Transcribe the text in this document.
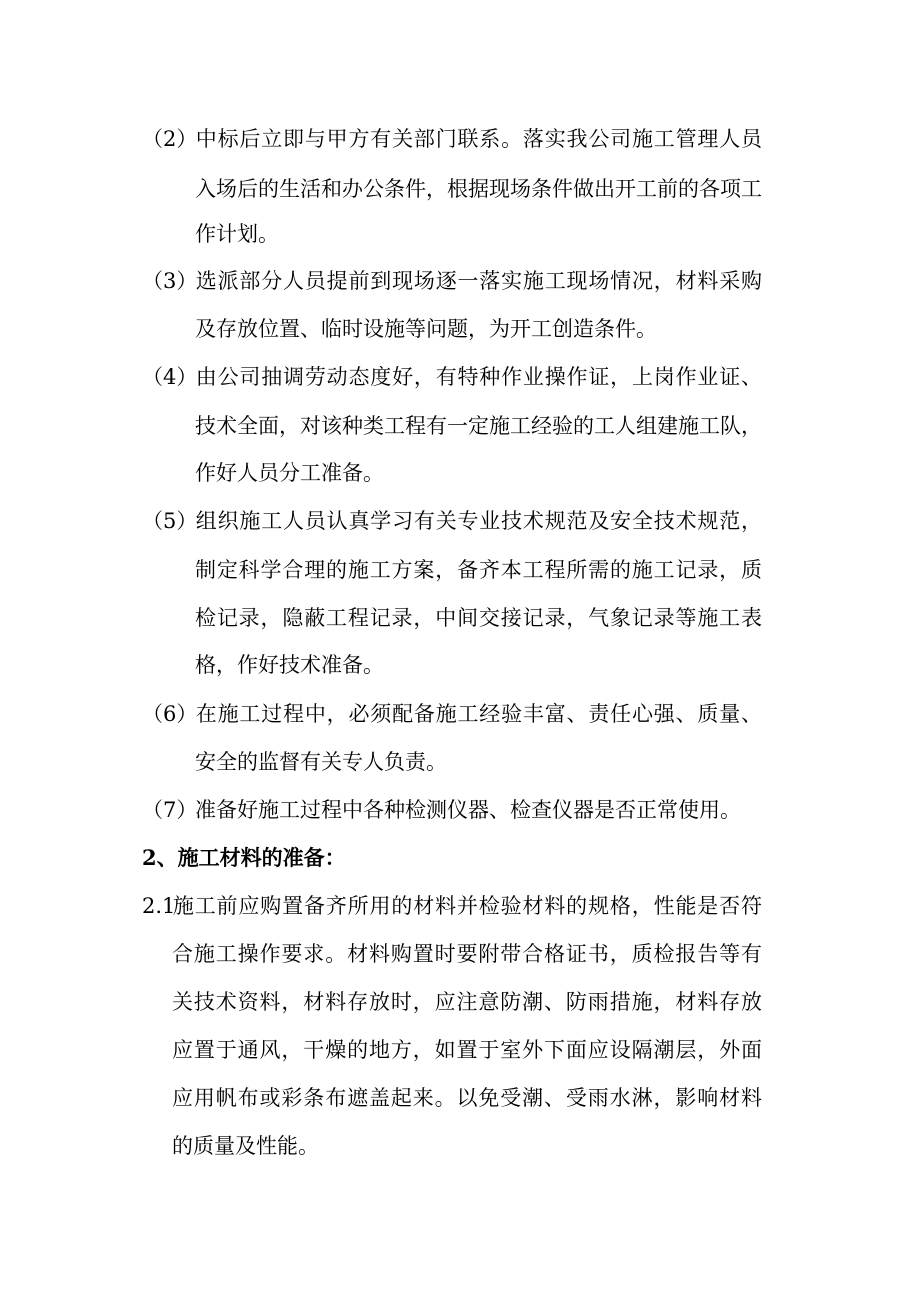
（2）中标后立即与甲方有关部门联系。落实我公司施工管理人员
入场后的生活和办公条件，根据现场条件做出开工前的各项工
作计划。
（3）选派部分人员提前到现场逐一落实施工现场情况，材料采购
及存放位置、临时设施等问题，为开工创造条件。
（4）由公司抽调劳动态度好，有特种作业操作证，上岗作业证、
技术全面，对该种类工程有一定施工经验的工人组建施工队，
作好人员分工准备。
（5）组织施工人员认真学习有关专业技术规范及安全技术规范，
制定科学合理的施工方案，备齐本工程所需的施工记录，质
检记录，隐蔽工程记录，中间交接记录，气象记录等施工表
格，作好技术准备。
（6）在施工过程中，必须配备施工经验丰富、责任心强、质量、
安全的监督有关专人负责。
（7）准备好施工过程中各种检测仪器、检查仪器是否正常使用。
2、施工材料的准备：
2.1施工前应购置备齐所用的材料并检验材料的规格，性能是否符
合施工操作要求。材料购置时要附带合格证书，质检报告等有
关技术资料，材料存放时，应注意防潮、防雨措施，材料存放
应置于通风，干燥的地方，如置于室外下面应设隔潮层，外面
应用帆布或彩条布遮盖起来。以免受潮、受雨水淋，影响材料
的质量及性能。
